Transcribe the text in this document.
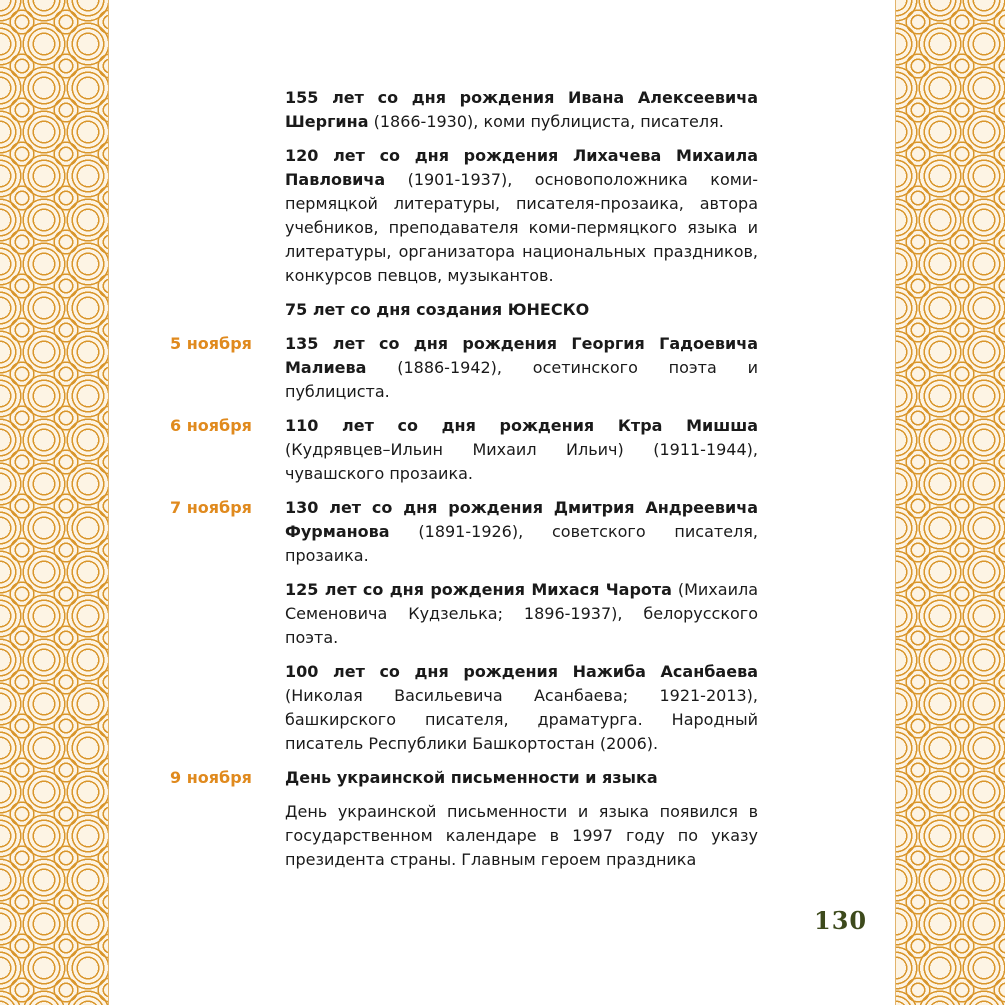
155 лет со дня рождения Ивана Алексеевича Шергина (1866-1930), коми публициста, писателя.
120 лет со дня рождения Лихачева Михаила Павловича (1901-1937), основоположника коми-пермяцкой литературы, писателя-прозаика, автора учебников, преподавателя коми-пермяцкого языка и литературы, организатора национальных праздников, конкурсов певцов, музыкантов.
75 лет со дня создания ЮНЕСКО
5 ноября	135 лет со дня рождения Георгия Гадоевича Малиева (1886-1942), осетинского поэта и публициста.
6 ноября	110 лет со дня рождения Ктра Мишша (Кудрявцев–Ильин Михаил Ильич) (1911-1944), чувашского прозаика.
7 ноября	130 лет со дня рождения Дмитрия Андреевича Фурманова (1891-1926), советского писателя, прозаика.
125 лет со дня рождения Михася Чарота (Михаила Семеновича Кудзелька; 1896-1937), белорусского поэта.
100 лет со дня рождения Нажиба Асанбаева (Николая Васильевича Асанбаева; 1921-2013), башкирского писателя, драматурга. Народный писатель Республики Башкортостан (2006).
9 ноября	День украинской письменности и языка
День украинской письменности и языка появился в государственном календаре в 1997 году по указу президента страны. Главным героем праздника
130
